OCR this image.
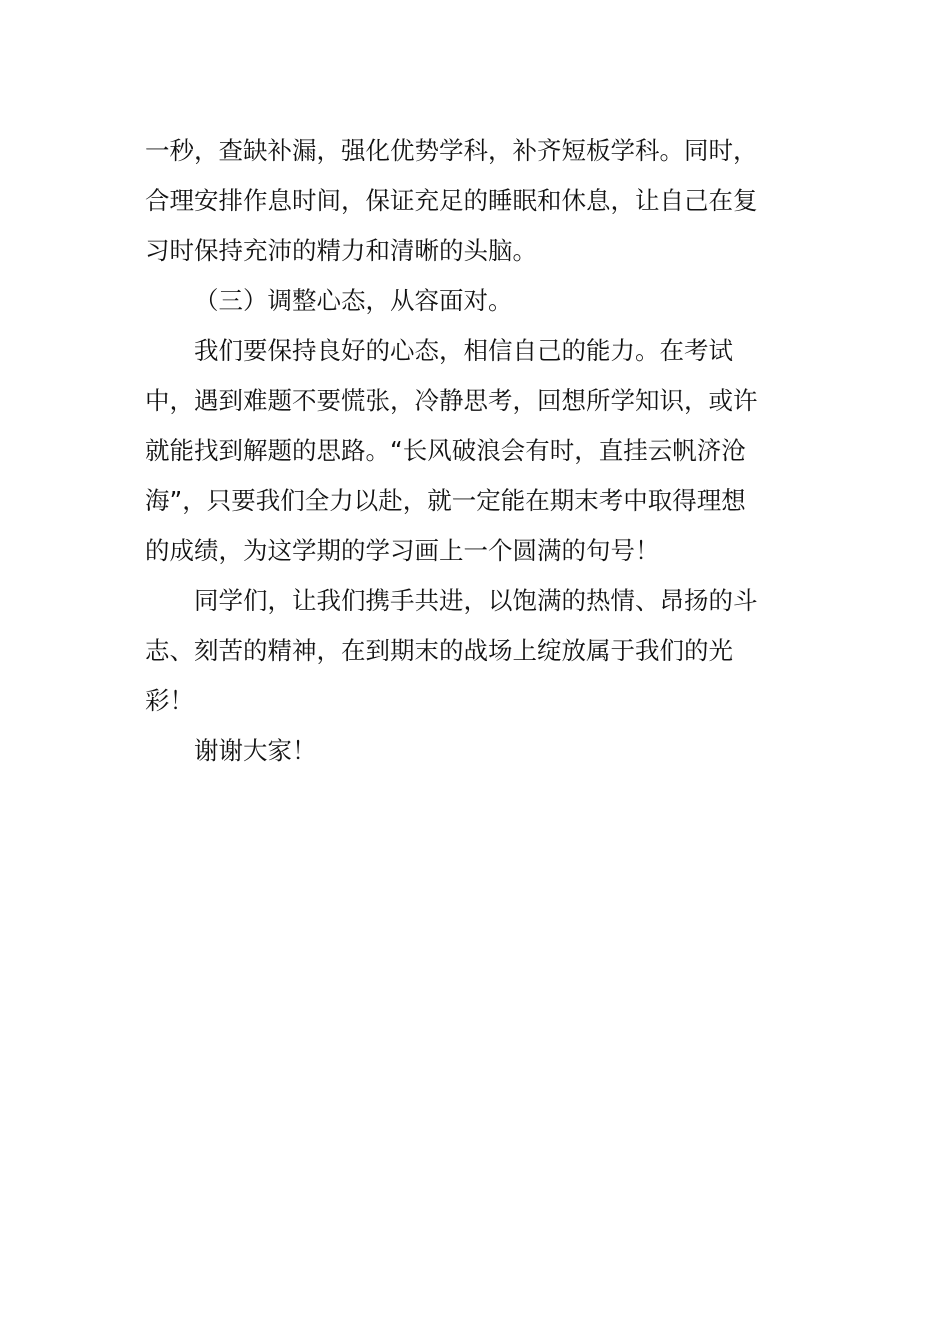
一秒，查缺补漏，强化优势学科，补齐短板学科。同时，

合理安排作息时间，保证充足的睡眠和休息，让自己在复

习时保持充沛的精力和清晰的头脑。

（三）调整心态，从容面对。

我们要保持良好的心态，相信自己的能力。在考试

中，遇到难题不要慌张，冷静思考，回想所学知识，或许

就能找到解题的思路。“长风破浪会有时，直挂云帆济沧

海”，只要我们全力以赴，就一定能在期末考中取得理想

的成绩，为这学期的学习画上一个圆满的句号！

同学们，让我们携手共进，以饱满的热情、昂扬的斗

志、刻苦的精神，在到期末的战场上绽放属于我们的光

彩！

谢谢大家！
